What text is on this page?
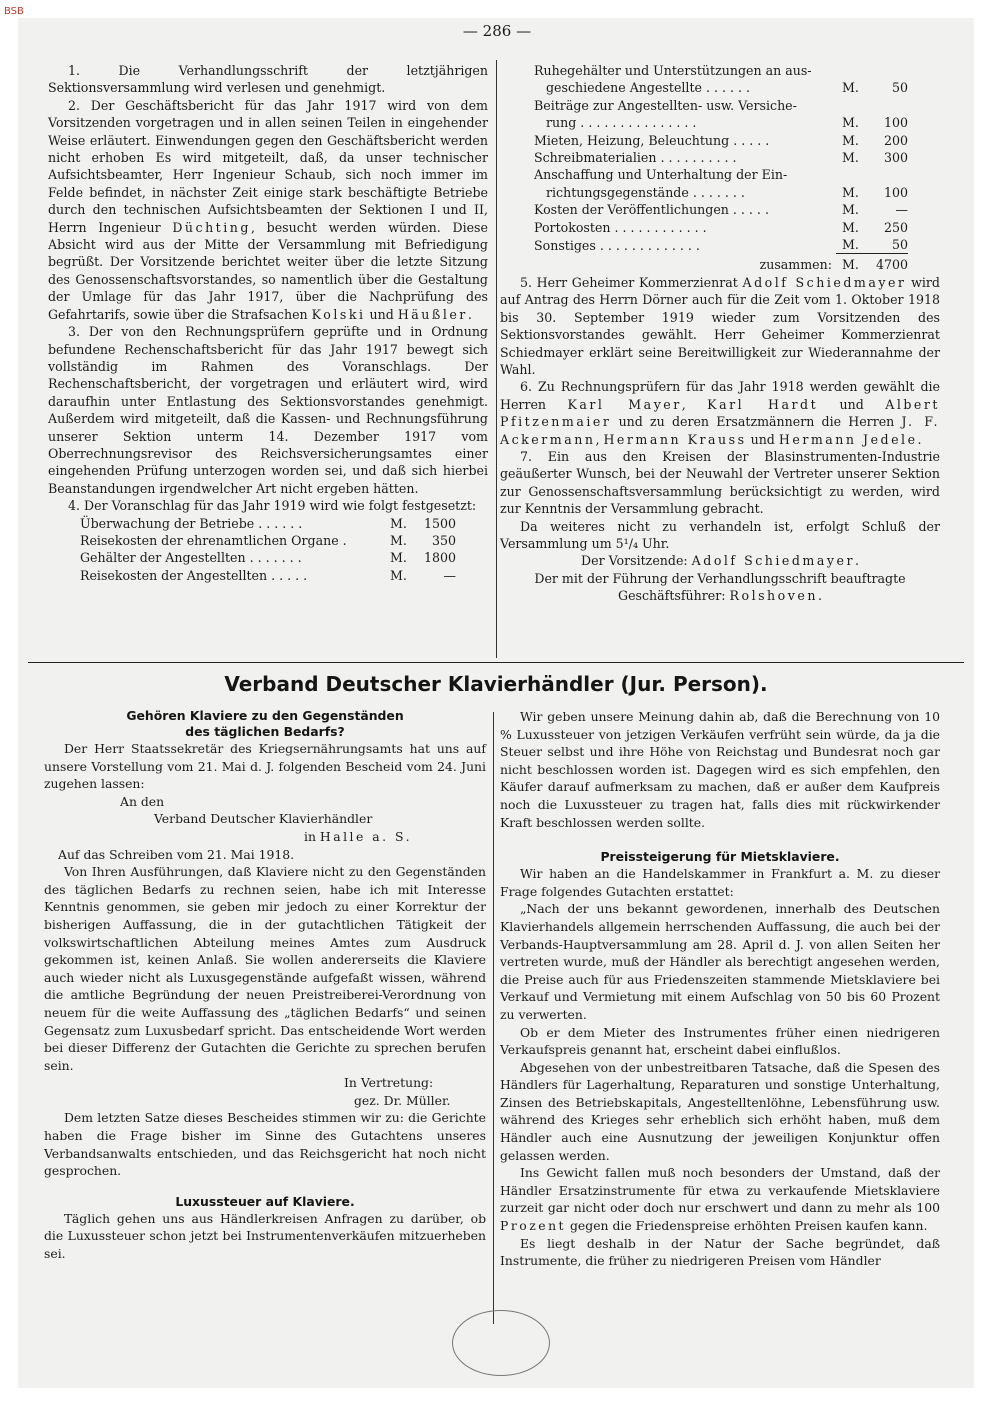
BSB
— 286 —

1. Die Verhandlungsschrift der letztjährigen Sektionsversammlung wird verlesen und genehmigt.

2. Der Geschäftsbericht für das Jahr 1917 wird von dem Vorsitzenden vorgetragen und in allen seinen Teilen in eingehender Weise erläutert. Einwendungen gegen den Geschäftsbericht werden nicht erhoben Es wird mitgeteilt, daß, da unser technischer Aufsichtsbeamter, Herr Ingenieur Schaub, sich noch immer im Felde befindet, in nächster Zeit einige stark beschäftigte Betriebe durch den technischen Aufsichtsbeamten der Sektionen I und II, Herrn Ingenieur Düchting, besucht werden würden. Diese Absicht wird aus der Mitte der Versammlung mit Befriedigung begrüßt. Der Vorsitzende berichtet weiter über die letzte Sitzung des Genossenschaftsvorstandes, so namentlich über die Gestaltung der Umlage für das Jahr 1917, über die Nachprüfung des Gefahrtarifs, sowie über die Strafsachen Kolski und Häußler.

3. Der von den Rechnungsprüfern geprüfte und in Ordnung befundene Rechenschaftsbericht für das Jahr 1917 bewegt sich vollständig im Rahmen des Voranschlags. Der Rechenschaftsbericht, der vorgetragen und erläutert wird, wird daraufhin unter Entlastung des Sektionsvorstandes genehmigt. Außerdem wird mitgeteilt, daß die Kassen- und Rechnungsführung unserer Sektion unterm 14. Dezember 1917 vom Oberrechnungsrevisor des Reichsversicherungsamtes einer eingehenden Prüfung unterzogen worden sei, und daß sich hierbei Beanstandungen irgendwelcher Art nicht ergeben hätten.

4. Der Voranschlag für das Jahr 1919 wird wie folgt festgesetzt:

Überwachung der Betriebe . . . . . .	M.	1500
Reisekosten der ehrenamtlichen Organe .	M.	350
Gehälter der Angestellten . . . . . . .	M.	1800
Reisekosten der Angestellten . . . . .	M.	—
Ruhegehälter und Unterstützungen an aus-		
geschiedene Angestellte . . . . . .	M.	50
Beiträge zur Angestellten- usw. Versiche-		
rung . . . . . . . . . . . . . . .	M.	100
Mieten, Heizung, Beleuchtung . . . . .	M.	200
Schreibmaterialien . . . . . . . . . .	M.	300
Anschaffung und Unterhaltung der Ein-		
richtungsgegenstände . . . . . . .	M.	100
Kosten der Veröffentlichungen . . . . .	M.	—
Portokosten . . . . . . . . . . . .	M.	250
Sonstiges . . . . . . . . . . . . .	M.	50
zusammen:	M.	4700

5. Herr Geheimer Kommerzienrat Adolf Schiedmayer wird auf Antrag des Herrn Dörner auch für die Zeit vom 1. Oktober 1918 bis 30. September 1919 wieder zum Vorsitzenden des Sektionsvorstandes gewählt. Herr Geheimer Kommerzienrat Schiedmayer erklärt seine Bereitwilligkeit zur Wiederannahme der Wahl.

6. Zu Rechnungsprüfern für das Jahr 1918 werden gewählt die Herren Karl Mayer, Karl Hardt und Albert Pfitzenmaier und zu deren Ersatzmännern die Herren J. F. Ackermann, Hermann Krauss und Hermann Jedele.

7. Ein aus den Kreisen der Blasinstrumenten-Industrie geäußerter Wunsch, bei der Neuwahl der Vertreter unserer Sektion zur Genossenschaftsversammlung berücksichtigt zu werden, wird zur Kenntnis der Versammlung gebracht.

Da weiteres nicht zu verhandeln ist, erfolgt Schluß der Versammlung um 5¹/₄ Uhr.

Der Vorsitzende: Adolf Schiedmayer.

Der mit der Führung der Verhandlungsschrift beauftragte

Geschäftsführer: Rolshoven.

Verband Deutscher Klavierhändler (Jur. Person).
Gehören Klaviere zu den Gegenständen des täglichen Bedarfs?

Der Herr Staatssekretär des Kriegsernährungsamts hat uns auf unsere Vorstellung vom 21. Mai d. J. folgenden Bescheid vom 24. Juni zugehen lassen:

An den

Verband Deutscher Klavierhändler

in Halle a. S.

Auf das Schreiben vom 21. Mai 1918.

Von Ihren Ausführungen, daß Klaviere nicht zu den Gegenständen des täglichen Bedarfs zu rechnen seien, habe ich mit Interesse Kenntnis genommen, sie geben mir jedoch zu einer Korrektur der bisherigen Auffassung, die in der gutachtlichen Tätigkeit der volkswirtschaftlichen Abteilung meines Amtes zum Ausdruck gekommen ist, keinen Anlaß. Sie wollen andererseits die Klaviere auch wieder nicht als Luxusgegenstände aufgefaßt wissen, während die amtliche Begründung der neuen Preistreiberei-Verordnung von neuem für die weite Auffassung des „täglichen Bedarfs“ und seinen Gegensatz zum Luxusbedarf spricht. Das entscheidende Wort werden bei dieser Differenz der Gutachten die Gerichte zu sprechen berufen sein.

In Vertretung:

gez. Dr. Müller.

Dem letzten Satze dieses Bescheides stimmen wir zu: die Gerichte haben die Frage bisher im Sinne des Gutachtens unseres Verbandsanwalts entschieden, und das Reichsgericht hat noch nicht gesprochen.

Luxussteuer auf Klaviere.

Täglich gehen uns aus Händlerkreisen Anfragen zu darüber, ob die Luxussteuer schon jetzt bei Instrumentenverkäufen mitzuerheben sei.

Wir geben unsere Meinung dahin ab, daß die Berechnung von 10 % Luxussteuer von jetzigen Verkäufen verfrüht sein würde, da ja die Steuer selbst und ihre Höhe von Reichstag und Bundesrat noch gar nicht beschlossen worden ist. Dagegen wird es sich empfehlen, den Käufer darauf aufmerksam zu machen, daß er außer dem Kaufpreis noch die Luxussteuer zu tragen hat, falls dies mit rückwirkender Kraft beschlossen werden sollte.

Preissteigerung für Mietsklaviere.

Wir haben an die Handelskammer in Frankfurt a. M. zu dieser Frage folgendes Gutachten erstattet:

„Nach der uns bekannt gewordenen, innerhalb des Deutschen Klavierhandels allgemein herrschenden Auffassung, die auch bei der Verbands-Hauptversammlung am 28. April d. J. von allen Seiten her vertreten wurde, muß der Händler als berechtigt angesehen werden, die Preise auch für aus Friedenszeiten stammende Mietsklaviere bei Verkauf und Vermietung mit einem Aufschlag von 50 bis 60 Prozent zu verwerten.

Ob er dem Mieter des Instrumentes früher einen niedrigeren Verkaufspreis genannt hat, erscheint dabei einflußlos.

Abgesehen von der unbestreitbaren Tatsache, daß die Spesen des Händlers für Lagerhaltung, Reparaturen und sonstige Unterhaltung, Zinsen des Betriebskapitals, Angestelltenlöhne, Lebensführung usw. während des Krieges sehr erheblich sich erhöht haben, muß dem Händler auch eine Ausnutzung der jeweiligen Konjunktur offen gelassen werden.

Ins Gewicht fallen muß noch besonders der Umstand, daß der Händler Ersatzinstrumente für etwa zu verkaufende Mietsklaviere zurzeit gar nicht oder doch nur erschwert und dann zu mehr als 100 Prozent gegen die Friedenspreise erhöhten Preisen kaufen kann.

Es liegt deshalb in der Natur der Sache begründet, daß Instrumente, die früher zu niedrigeren Preisen vom Händler
